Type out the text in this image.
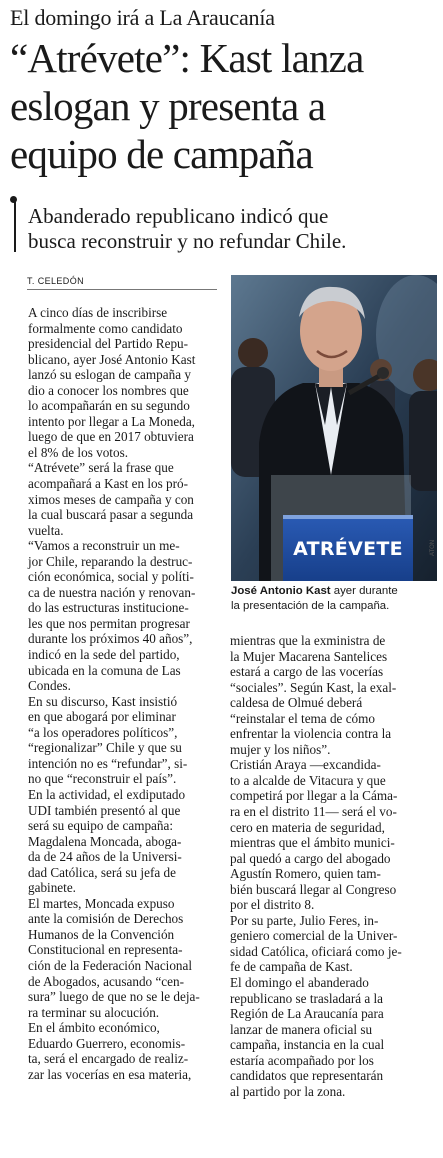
El domingo irá a La Araucanía
“Atrévete”: Kast lanza
eslogan y presenta a
equipo de campaña
Abanderado republicano indicó que
busca reconstruir y no refundar Chile.
T. CELEDÓN
A cinco días de inscribirse
formalmente como candidato
presidencial del Partido Repu-
blicano, ayer José Antonio Kast
lanzó su eslogan de campaña y
dio a conocer los nombres que
lo acompañarán en su segundo
intento por llegar a La Moneda,
luego de que en 2017 obtuviera
el 8% de los votos.
“Atrévete” será la frase que
acompañará a Kast en los pró-
ximos meses de campaña y con
la cual buscará pasar a segunda
vuelta.
“Vamos a reconstruir un me-
jor Chile, reparando la destruc-
ción económica, social y políti-
ca de nuestra nación y renovan-
do las estructuras institucione-
les que nos permitan progresar
durante los próximos 40 años”,
indicó en la sede del partido,
ubicada en la comuna de Las
Condes.
En su discurso, Kast insistió
en que abogará por eliminar
“a los operadores políticos”,
“regionalizar” Chile y que su
intención no es “refundar”, si-
no que “reconstruir el país”.
En la actividad, el exdiputado
UDI también presentó al que
será su equipo de campaña:
Magdalena Moncada, aboga-
da de 24 años de la Universi-
dad Católica, será su jefa de
gabinete.
El martes, Moncada expuso
ante la comisión de Derechos
Humanos de la Convención
Constitucional en representa-
ción de la Federación Nacional
de Abogados, acusando “cen-
sura” luego de que no se le deja-
ra terminar su alocución.
En el ámbito económico,
Eduardo Guerrero, economis-
ta, será el encargado de realiz-
zar las vocerías en esa materia,
ATRÉVETE	ATON
José Antonio Kast ayer durante
la presentación de la campaña.
mientras que la exministra de
la Mujer Macarena Santelices
estará a cargo de las vocerías
“sociales”. Según Kast, la exal-
caldesa de Olmué deberá
“reinstalar el tema de cómo
enfrentar la violencia contra la
mujer y los niños”.
Cristián Araya —excandida-
to a alcalde de Vitacura y que
competirá por llegar a la Cáma-
ra en el distrito 11— será el vo-
cero en materia de seguridad,
mientras que el ámbito munici-
pal quedó a cargo del abogado
Agustín Romero, quien tam-
bién buscará llegar al Congreso
por el distrito 8.
Por su parte, Julio Feres, in-
geniero comercial de la Univer-
sidad Católica, oficiará como je-
fe de campaña de Kast.
El domingo el abanderado
republicano se trasladará a la
Región de La Araucanía para
lanzar de manera oficial su
campaña, instancia en la cual
estaría acompañado por los
candidatos que representarán
al partido por la zona.
